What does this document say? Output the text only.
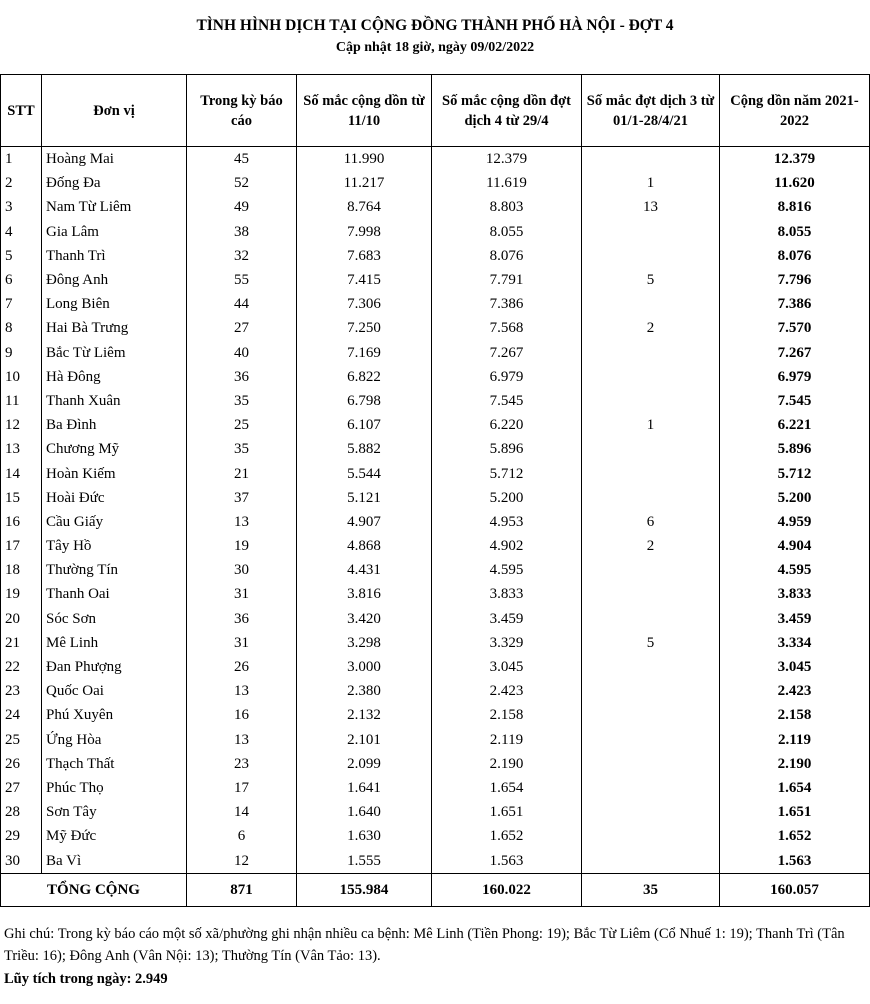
TÌNH HÌNH DỊCH TẠI CỘNG ĐỒNG THÀNH PHỐ HÀ NỘI - ĐỢT 4
Cập nhật 18 giờ, ngày 09/02/2022
STT	Đơn vị	Trong kỳ báo cáo	Số mắc cộng dồn từ 11/10	Số mắc cộng dồn đợt dịch 4 từ 29/4	Số mắc đợt dịch 3 từ 01/1-28/4/21	Cộng dồn năm 2021-2022
1	Hoàng Mai	45	11.990	12.379		12.379
2	Đống Đa	52	11.217	11.619	1	11.620
3	Nam Từ Liêm	49	8.764	8.803	13	8.816
4	Gia Lâm	38	7.998	8.055		8.055
5	Thanh Trì	32	7.683	8.076		8.076
6	Đông Anh	55	7.415	7.791	5	7.796
7	Long Biên	44	7.306	7.386		7.386
8	Hai Bà Trưng	27	7.250	7.568	2	7.570
9	Bắc Từ Liêm	40	7.169	7.267		7.267
10	Hà Đông	36	6.822	6.979		6.979
11	Thanh Xuân	35	6.798	7.545		7.545
12	Ba Đình	25	6.107	6.220	1	6.221
13	Chương Mỹ	35	5.882	5.896		5.896
14	Hoàn Kiếm	21	5.544	5.712		5.712
15	Hoài Đức	37	5.121	5.200		5.200
16	Cầu Giấy	13	4.907	4.953	6	4.959
17	Tây Hồ	19	4.868	4.902	2	4.904
18	Thường Tín	30	4.431	4.595		4.595
19	Thanh Oai	31	3.816	3.833		3.833
20	Sóc Sơn	36	3.420	3.459		3.459
21	Mê Linh	31	3.298	3.329	5	3.334
22	Đan Phượng	26	3.000	3.045		3.045
23	Quốc Oai	13	2.380	2.423		2.423
24	Phú Xuyên	16	2.132	2.158		2.158
25	Ứng Hòa	13	2.101	2.119		2.119
26	Thạch Thất	23	2.099	2.190		2.190
27	Phúc Thọ	17	1.641	1.654		1.654
28	Sơn Tây	14	1.640	1.651		1.651
29	Mỹ Đức	6	1.630	1.652		1.652
30	Ba Vì	12	1.555	1.563		1.563
TỔNG CỘNG		871	155.984	160.022	35	160.057
Ghi chú: Trong kỳ báo cáo một số xã/phường ghi nhận nhiều ca bệnh: Mê Linh (Tiền Phong: 19); Bắc Từ Liêm (Cổ Nhuế 1: 19); Thanh Trì (Tân Triều: 16); Đông Anh (Vân Nội: 13); Thường Tín (Vân Tảo: 13).
Lũy tích trong ngày: 2.949
